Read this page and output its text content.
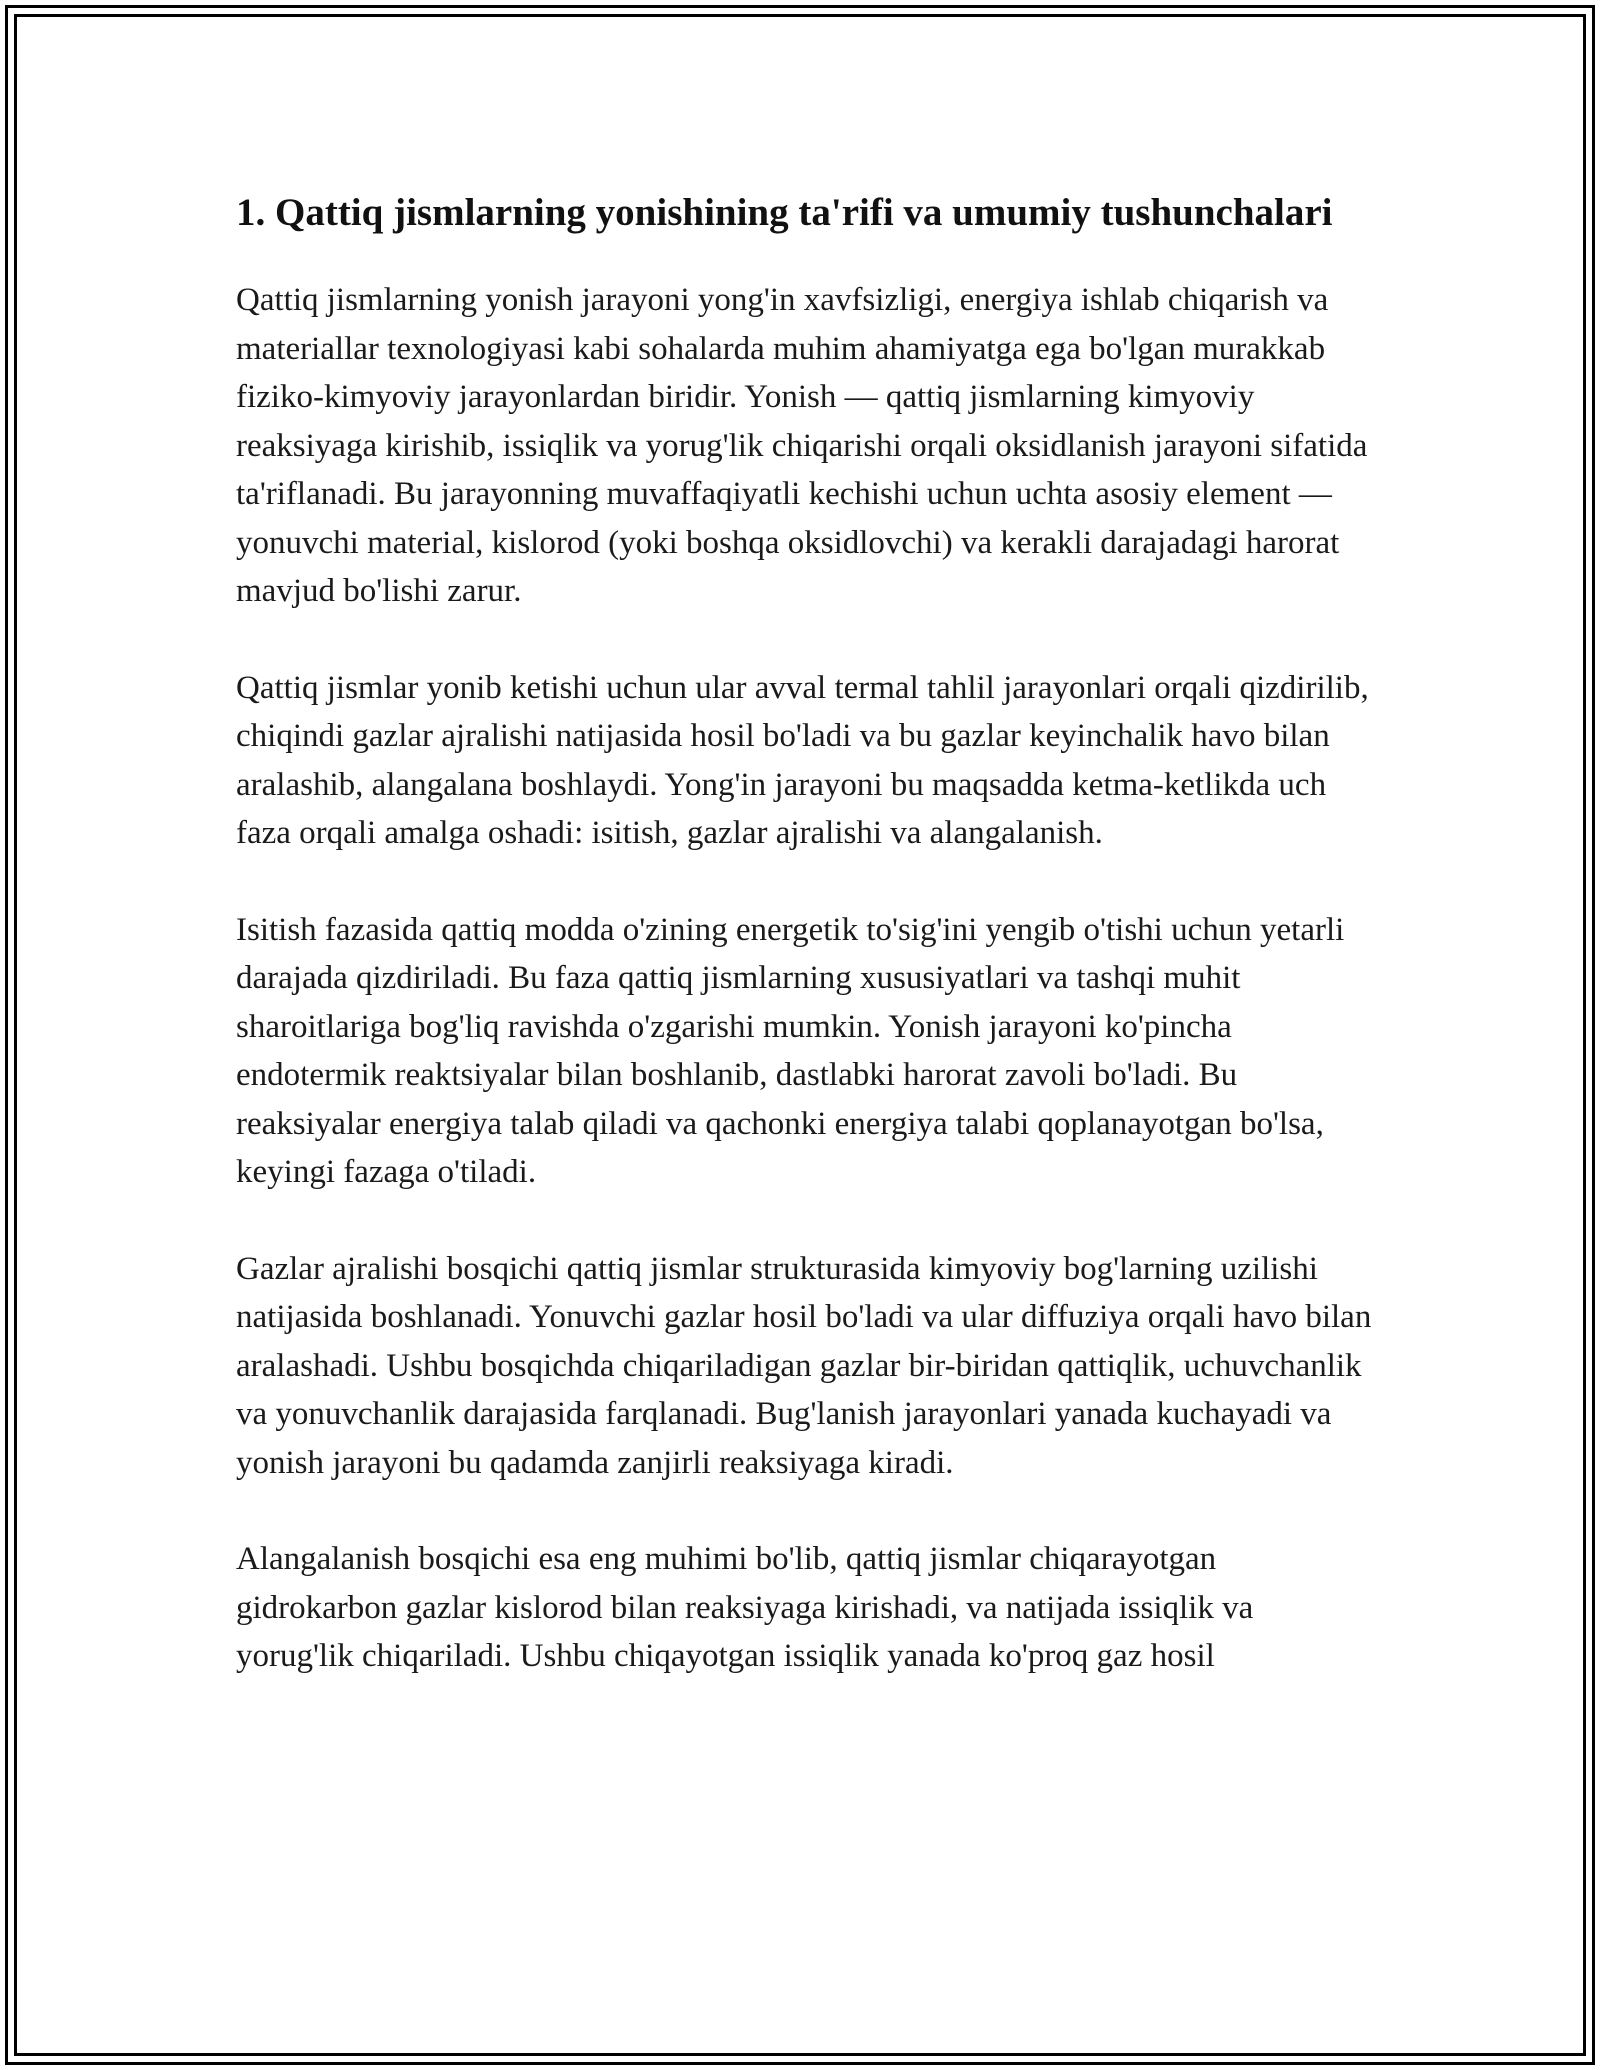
1. Qattiq jismlarning yonishining ta'rifi va umumiy tushunchalari

Qattiq jismlarning yonish jarayoni yong'in xavfsizligi, energiya ishlab chiqarish va materiallar texnologiyasi kabi sohalarda muhim ahamiyatga ega bo'lgan murakkab fiziko-kimyoviy jarayonlardan biridir. Yonish — qattiq jismlarning kimyoviy reaksiyaga kirishib, issiqlik va yorug'lik chiqarishi orqali oksidlanish jarayoni sifatida ta'riflanadi. Bu jarayonning muvaffaqiyatli kechishi uchun uchta asosiy element — yonuvchi material, kislorod (yoki boshqa oksidlovchi) va kerakli darajadagi harorat mavjud bo'lishi zarur.

Qattiq jismlar yonib ketishi uchun ular avval termal tahlil jarayonlari orqali qizdirilib, chiqindi gazlar ajralishi natijasida hosil bo'ladi va bu gazlar keyinchalik havo bilan aralashib, alangalana boshlaydi. Yong'in jarayoni bu maqsadda ketma-ketlikda uch faza orqali amalga oshadi: isitish, gazlar ajralishi va alangalanish.

Isitish fazasida qattiq modda o'zining energetik to'sig'ini yengib o'tishi uchun yetarli darajada qizdiriladi. Bu faza qattiq jismlarning xususiyatlari va tashqi muhit sharoitlariga bog'liq ravishda o'zgarishi mumkin. Yonish jarayoni ko'pincha endotermik reaktsiyalar bilan boshlanib, dastlabki harorat zavoli bo'ladi. Bu reaksiyalar energiya talab qiladi va qachonki energiya talabi qoplanayotgan bo'lsa, keyingi fazaga o'tiladi.

Gazlar ajralishi bosqichi qattiq jismlar strukturasida kimyoviy bog'larning uzilishi natijasida boshlanadi. Yonuvchi gazlar hosil bo'ladi va ular diffuziya orqali havo bilan aralashadi. Ushbu bosqichda chiqariladigan gazlar bir-biridan qattiqlik, uchuvchanlik va yonuvchanlik darajasida farqlanadi. Bug'lanish jarayonlari yanada kuchayadi va yonish jarayoni bu qadamda zanjirli reaksiyaga kiradi.

Alangalanish bosqichi esa eng muhimi bo'lib, qattiq jismlar chiqarayotgan gidrokarbon gazlar kislorod bilan reaksiyaga kirishadi, va natijada issiqlik va yorug'lik chiqariladi. Ushbu chiqayotgan issiqlik yanada ko'proq gaz hosil
